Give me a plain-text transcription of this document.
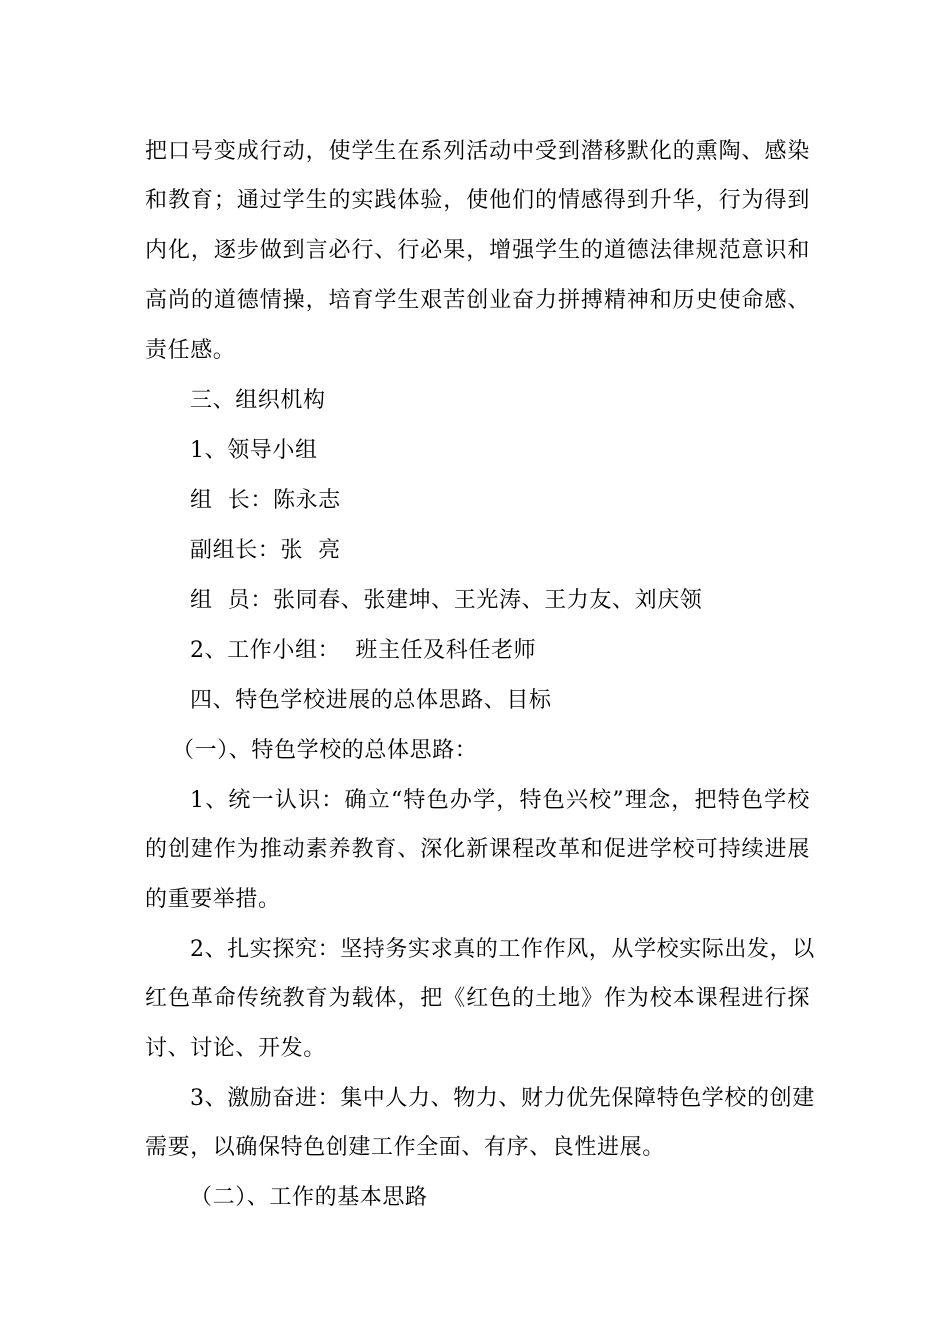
把口号变成行动，使学生在系列活动中受到潜移默化的熏陶、感染
和教育；通过学生的实践体验，使他们的情感得到升华，行为得到
内化，逐步做到言必行、行必果，增强学生的道德法律规范意识和
高尚的道德情操，培育学生艰苦创业奋力拼搏精神和历史使命感、
责任感。
三、组织机构
1、领导小组
组  长：陈永志
副组长：张  亮
组  员：张同春、张建坤、王光涛、王力友、刘庆领
2、工作小组：  班主任及科任老师
四、特色学校进展的总体思路、目标
（一）、特色学校的总体思路：
1、统一认识：确立“特色办学，特色兴校”理念，把特色学校
的创建作为推动素养教育、深化新课程改革和促进学校可持续进展
的重要举措。
2、扎实探究：坚持务实求真的工作作风，从学校实际出发，以
红色革命传统教育为载体，把《红色的土地》作为校本课程进行探
讨、讨论、开发。
3、激励奋进：集中人力、物力、财力优先保障特色学校的创建
需要，以确保特色创建工作全面、有序、良性进展。
（二）、工作的基本思路
